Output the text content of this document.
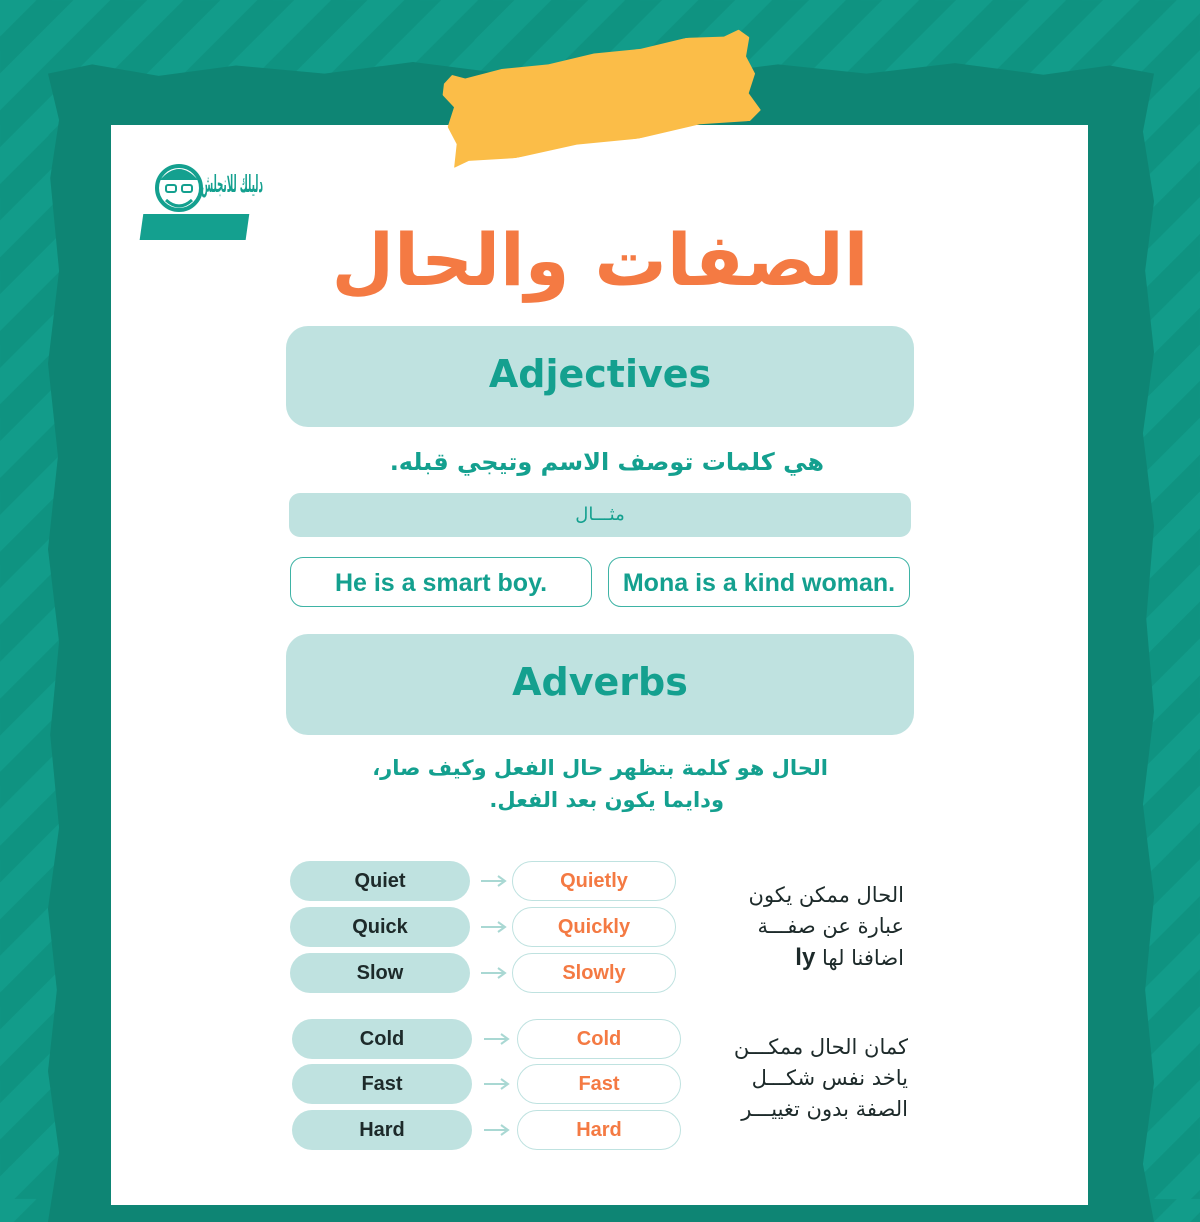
دليلك للانجلش
الصفات والحال
Adjectives
هي كلمات توصف الاسم وتيجي قبله.
مثـــال
He is a smart boy.	Mona is a kind woman.
Adverbs
الحال هو كلمة بتظهر حال الفعل وكيف صار،
ودايما يكون بعد الفعل.
Quiet	Quietly
Quick	Quickly
Slow	Slowly
الحال ممكن يكون
عبارة عن صفـــة
اضافنا لها ly
Cold	Cold
Fast	Fast
Hard	Hard
كمان الحال ممكـــن
ياخد نفس شكـــل
الصفة بدون تغييـــر
